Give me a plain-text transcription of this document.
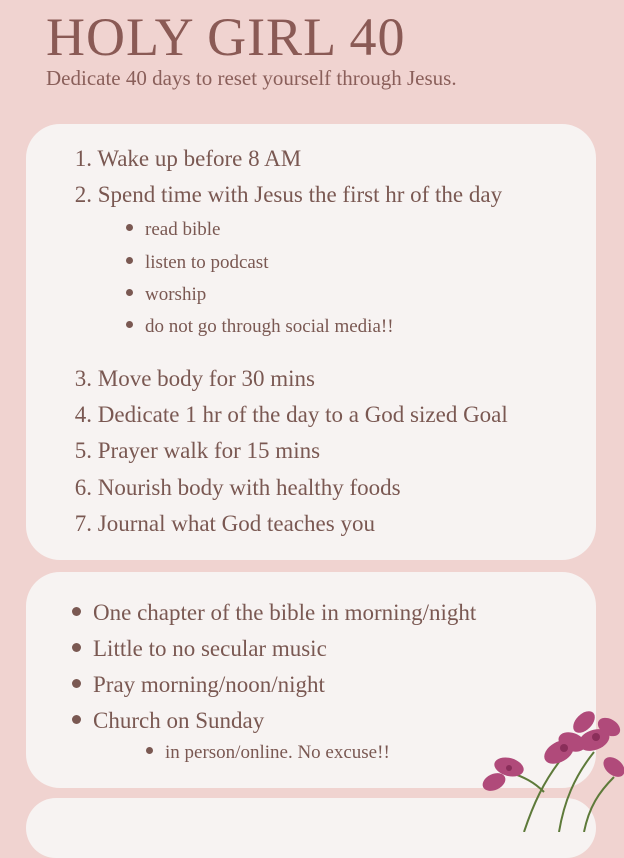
HOLY GIRL 40

Dedicate 40 days to reset yourself through Jesus.

1. Wake up before 8 AM
2. Spend time with Jesus the first hr of the day
read bible
listen to podcast
worship
do not go through social media!!
3. Move body for 30 mins
4. Dedicate 1 hr of the day to a God sized Goal
5. Prayer walk for 15 mins
6. Nourish body with healthy foods
7. Journal what God teaches you
One chapter of the bible in morning/night
Little to no secular music
Pray morning/noon/night
Church on Sunday
in person/online. No excuse!!
